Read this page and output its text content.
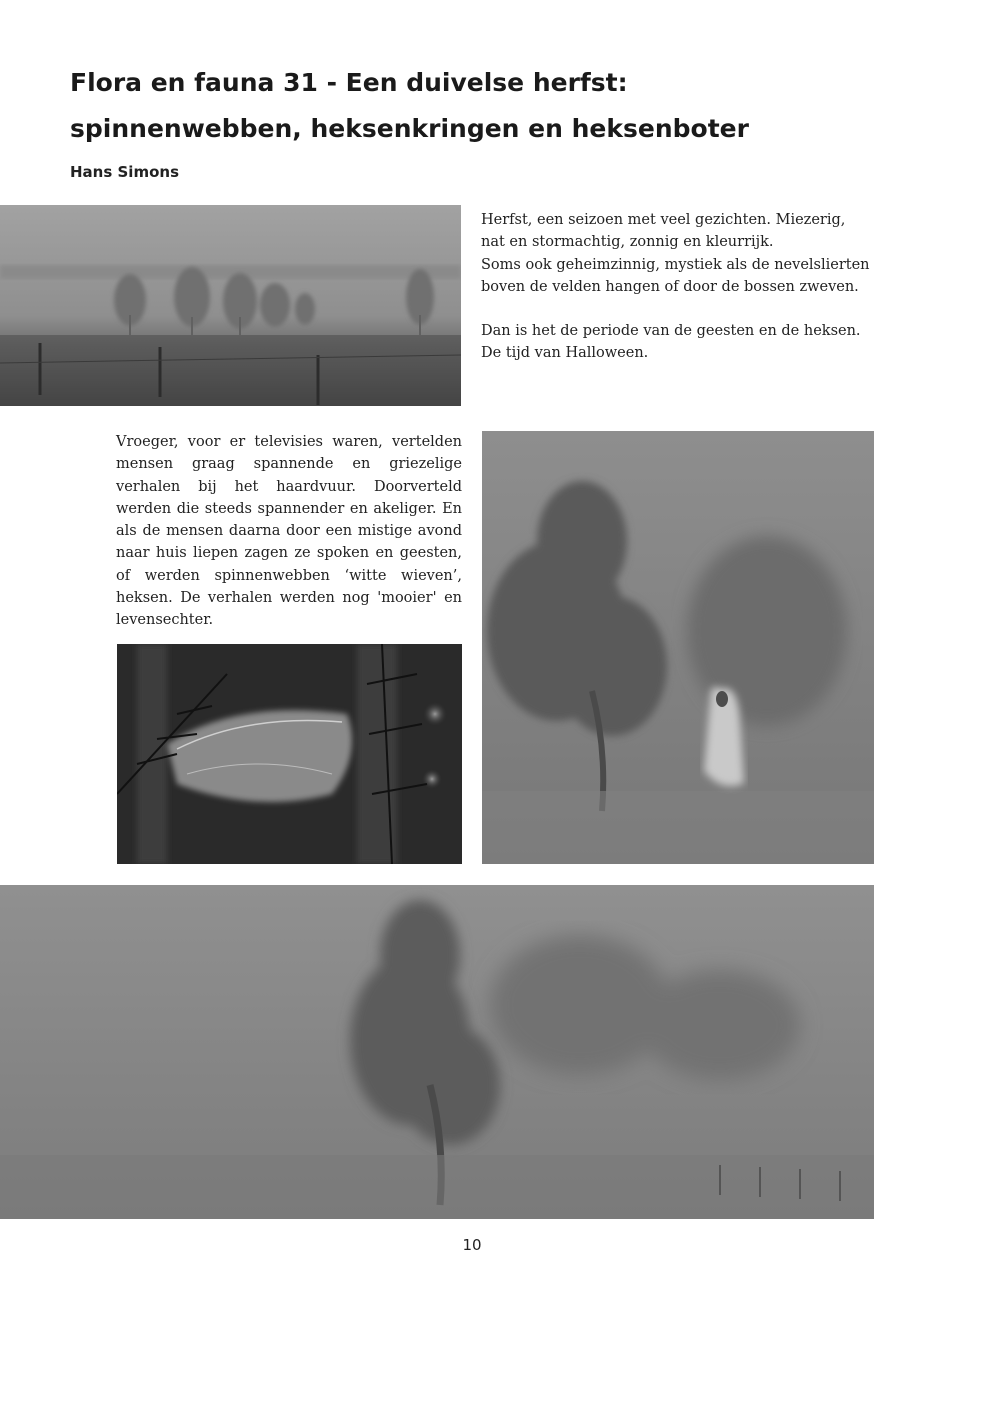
Flora en fauna 31 - Een duivelse herfst:
spinnenwebben, heksenkringen en heksenboter
Hans Simons

Herfst, een seizoen met veel gezichten. Miezerig,
nat en stormachtig, zonnig en kleurrijk.
Soms ook geheimzinnig, mystiek als de nevelslierten
boven de velden hangen of door de bossen zweven.

Dan is het de periode van de geesten en de heksen.
De tijd van Halloween.

Vroeger, voor er televisies waren, vertelden mensen graag spannende en griezelige verhalen bij het haardvuur. Doorverteld werden die steeds spannender en akeliger. En als de mensen daarna door een mistige avond naar huis liepen zagen ze spoken en geesten, of werden spinnenwebben ‘witte wieven’, heksen. De verhalen werden nog 'mooier' en levensechter.
10
